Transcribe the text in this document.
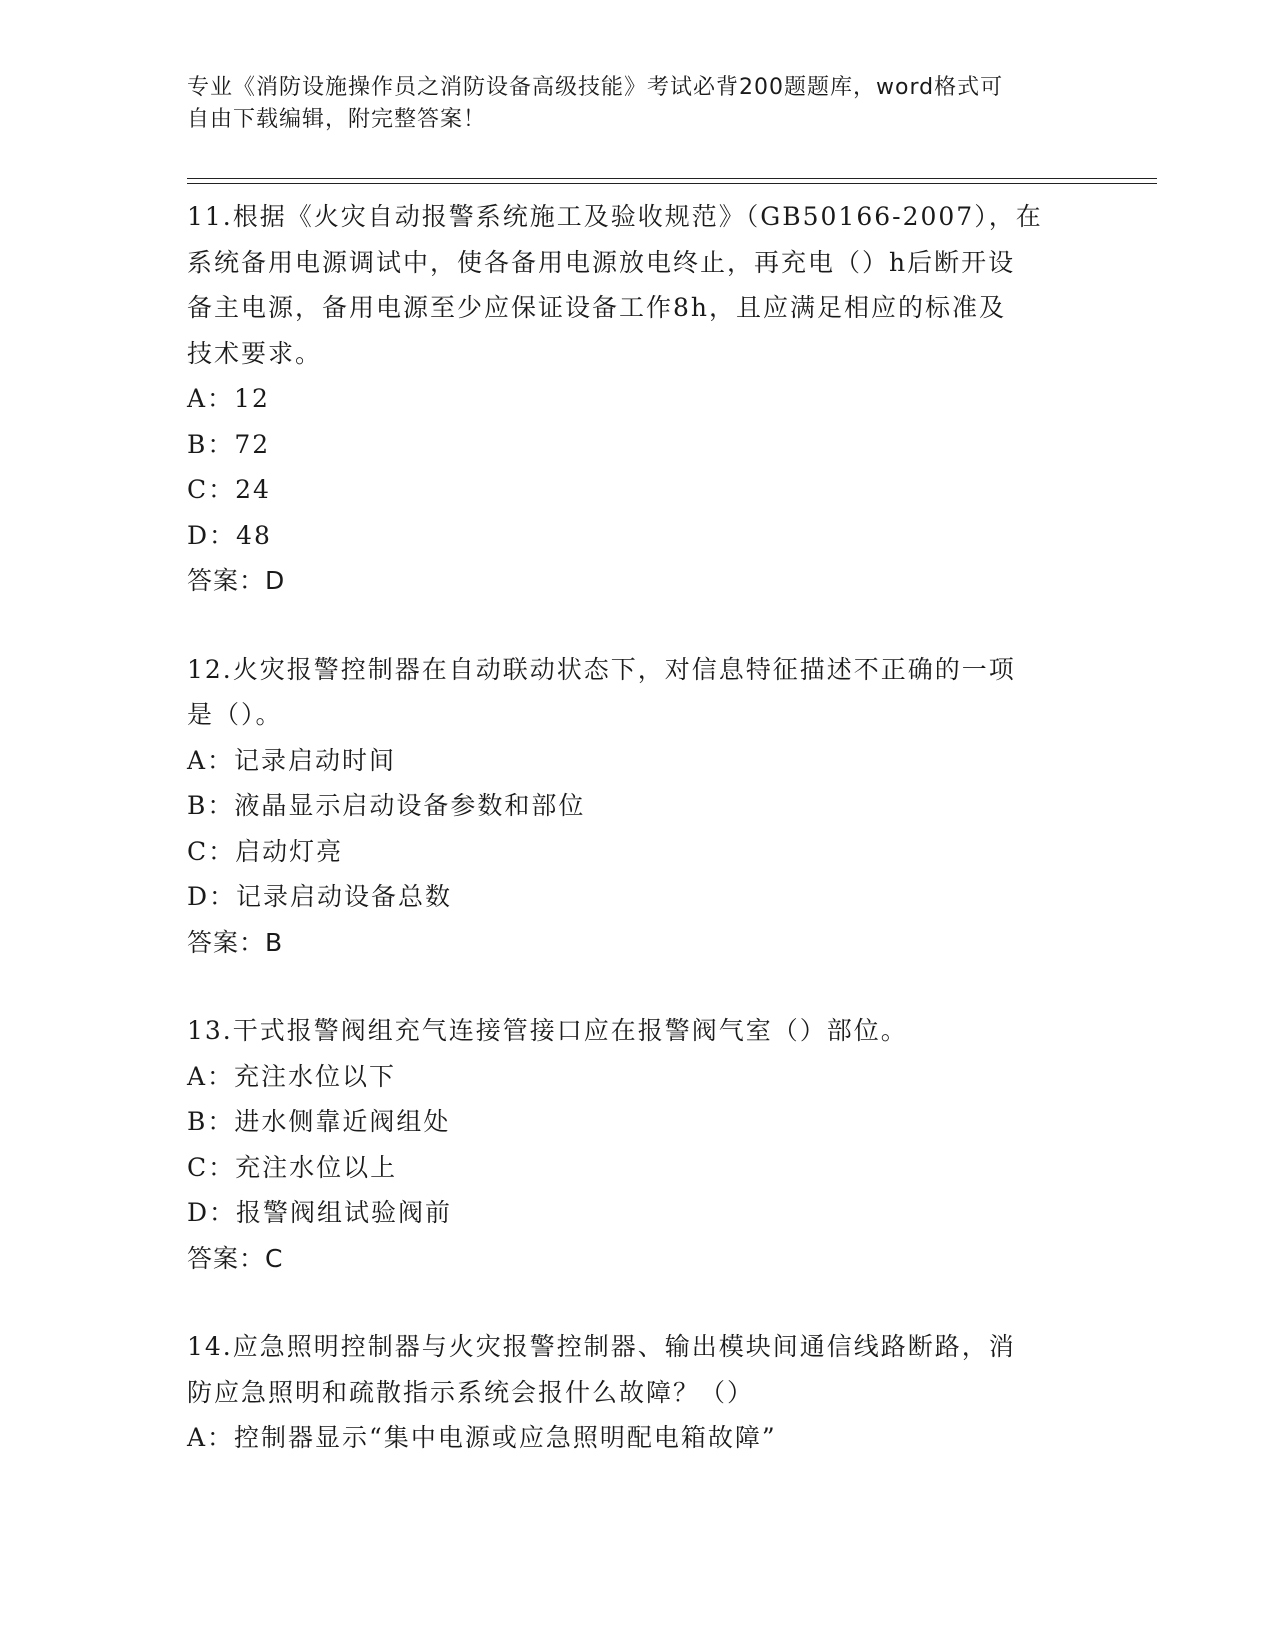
专业《消防设施操作员之消防设备高级技能》考试必背200题题库，word格式可
自由下载编辑，附完整答案！

11.根据《火灾自动报警系统施工及验收规范》（GB50166-2007），在

系统备用电源调试中，使各备用电源放电终止，再充电（）h后断开设

备主电源，备用电源至少应保证设备工作8h，且应满足相应的标准及

技术要求。

A：12

B：72

C：24

D：48

答案：D

12.火灾报警控制器在自动联动状态下，对信息特征描述不正确的一项

是（）。

A：记录启动时间

B：液晶显示启动设备参数和部位

C：启动灯亮

D：记录启动设备总数

答案：B

13.干式报警阀组充气连接管接口应在报警阀气室（）部位。

A：充注水位以下

B：进水侧靠近阀组处

C：充注水位以上

D：报警阀组试验阀前

答案：C

14.应急照明控制器与火灾报警控制器、输出模块间通信线路断路，消

防应急照明和疏散指示系统会报什么故障？（）

A：控制器显示“集中电源或应急照明配电箱故障”
